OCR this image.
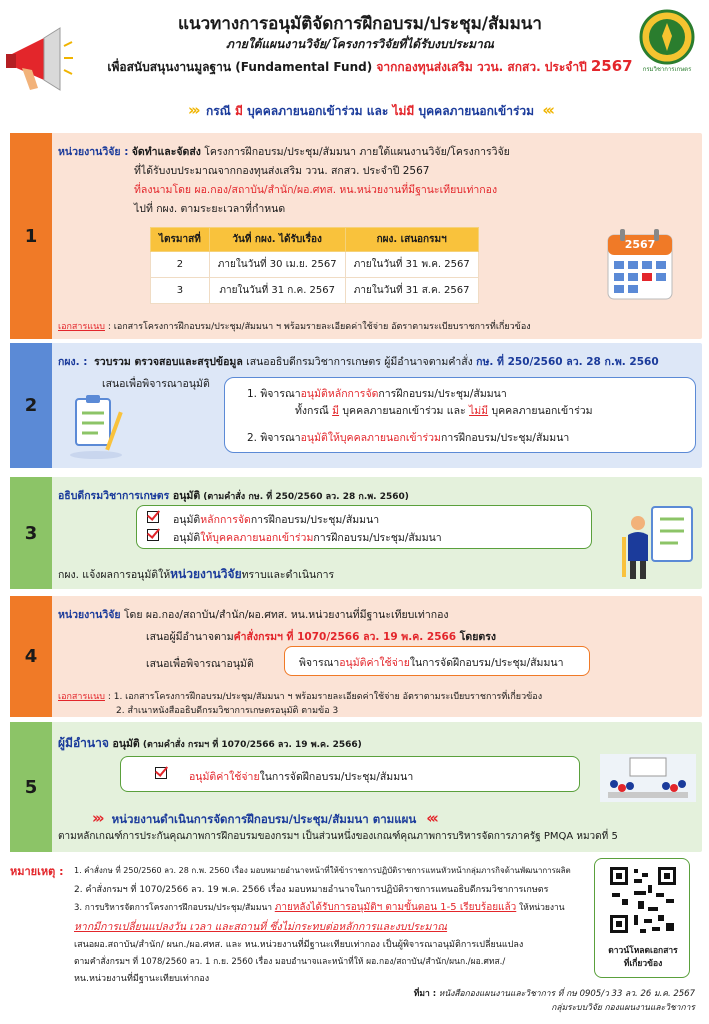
กรมวิชาการเกษตร
แนวทางการอนุมัติจัดการฝึกอบรม/ประชุม/สัมมนา
ภายใต้แผนงานวิจัย/โครงการวิจัยที่ได้รับงบประมาณ
เพื่อสนับสนุนงานมูลฐาน (Fundamental Fund) จากกองทุนส่งเสริม ววน. สกสว. ประจำปี 2567
››› กรณี มี บุคคลภายนอกเข้าร่วม และ ไม่มี บุคคลภายนอกเข้าร่วม ‹‹‹
1
หน่วยงานวิจัย : จัดทำและจัดส่ง โครงการฝึกอบรม/ประชุม/สัมมนา ภายใต้แผนงานวิจัย/โครงการวิจัย
ที่ได้รับงบประมาณจากกองทุนส่งเสริม ววน. สกสว. ประจำปี 2567
ที่ลงนามโดย ผอ.กอง/สถาบัน/สำนัก/ผอ.ศทส. หน.หน่วยงานที่มีฐานะเทียบเท่ากอง
ไปที่ กผง. ตามระยะเวลาที่กำหนด
ไตรมาสที่	วันที่ กผง. ได้รับเรื่อง	กผง. เสนอกรมฯ
2	ภายในวันที่ 30 เม.ย. 2567	ภายในวันที่ 31 พ.ค. 2567
3	ภายในวันที่ 31 ก.ค. 2567	ภายในวันที่ 31 ส.ค. 2567
2567
เอกสารแนบ : เอกสารโครงการฝึกอบรม/ประชุม/สัมมนา ฯ พร้อมรายละเอียดค่าใช้จ่าย อัตราตามระเบียบราชการที่เกี่ยวข้อง
2
กผง. : รวบรวม ตรวจสอบและสรุปข้อมูล เสนออธิบดีกรมวิชาการเกษตร ผู้มีอำนาจตามคำสั่ง กษ. ที่ 250/2560 ลว. 28 ก.พ. 2560
เสนอเพื่อพิจารณาอนุมัติ
1. พิจารณาอนุมัติหลักการจัดการฝึกอบรม/ประชุม/สัมมนา
ทั้งกรณี มี บุคคลภายนอกเข้าร่วม และ ไม่มี บุคคลภายนอกเข้าร่วม
2. พิจารณาอนุมัติให้บุคคลภายนอกเข้าร่วมการฝึกอบรม/ประชุม/สัมมนา
3
อธิบดีกรมวิชาการเกษตร อนุมัติ (ตามคำสั่ง กษ. ที่ 250/2560 ลว. 28 ก.พ. 2560)
อนุมัติหลักการจัดการฝึกอบรม/ประชุม/สัมมนา
อนุมัติให้บุคคลภายนอกเข้าร่วมการฝึกอบรม/ประชุม/สัมมนา
กผง. แจ้งผลการอนุมัติให้หน่วยงานวิจัยทราบและดำเนินการ
4
หน่วยงานวิจัย โดย ผอ.กอง/สถาบัน/สำนัก/ผอ.ศทส. หน.หน่วยงานที่มีฐานะเทียบเท่ากอง
เสนอผู้มีอำนาจตามคำสั่งกรมฯ ที่ 1070/2566 ลว. 19 พ.ค. 2566 โดยตรง
เสนอเพื่อพิจารณาอนุมัติ	พิจารณาอนุมัติค่าใช้จ่ายในการจัดฝึกอบรม/ประชุม/สัมมนา
เอกสารแนบ : 1. เอกสารโครงการฝึกอบรม/ประชุม/สัมมนา ฯ พร้อมรายละเอียดค่าใช้จ่าย อัตราตามระเบียบราชการที่เกี่ยวข้อง
2. สำเนาหนังสืออธิบดีกรมวิชาการเกษตรอนุมัติ ตามข้อ 3
5
ผู้มีอำนาจ อนุมัติ (ตามคำสั่ง กรมฯ ที่ 1070/2566 ลว. 19 พ.ค. 2566)
อนุมัติค่าใช้จ่ายในการจัดฝึกอบรม/ประชุม/สัมมนา
››› หน่วยงานดำเนินการจัดการฝึกอบรม/ประชุม/สัมมนา ตามแผน ‹‹‹
ตามหลักเกณฑ์การประกันคุณภาพการฝึกอบรมของกรมฯ เป็นส่วนหนึ่งของเกณฑ์คุณภาพการบริหารจัดการภาครัฐ PMQA หมวดที่ 5
หมายเหตุ : 1. คำสั่งกษ ที่ 250/2560 ลว. 28 ก.พ. 2560 เรื่อง มอบหมายอำนาจหน้าที่ให้ข้าราชการปฏิบัติราชการแทนหัวหน้ากลุ่มภารกิจด้านพัฒนาการผลิต
2. คำสั่งกรมฯ ที่ 1070/2566 ลว. 19 พ.ค. 2566 เรื่อง มอบหมายอำนาจในการปฏิบัติราชการแทนอธิบดีกรมวิชาการเกษตร
3. การบริหารจัดการโครงการฝึกอบรม/ประชุม/สัมมนา ภายหลังได้รับการอนุมัติฯ ตามขั้นตอน 1-5 เรียบร้อยแล้ว ให้หน่วยงาน
หากมีการเปลี่ยนแปลงวัน เวลา และสถานที่ ซึ่งไม่กระทบต่อหลักการและงบประมาณ
เสนอผอ.สถาบัน/สำนัก/ ผนก./ผอ.ศทส. และ หน.หน่วยงานที่มีฐานะเทียบเท่ากอง เป็นผู้พิจารณาอนุมัติการเปลี่ยนแปลง
ตามคำสั่งกรมฯ ที่ 1078/2560 ลว. 1 ก.ย. 2560 เรื่อง มอบอำนาจและหน้าที่ให้ ผอ.กอง/สถาบัน/สำนัก/ผนก./ผอ.ศทส./
หน.หน่วยงานที่มีฐานะเทียบเท่ากอง
ดาวน์โหลดเอกสาร
ที่เกี่ยวข้อง
ที่มา : หนังสือกองแผนงานและวิชาการ ที่ กษ 0905/ว 33 ลว. 26 ม.ค. 2567
กลุ่มระบบวิจัย กองแผนงานและวิชาการ
